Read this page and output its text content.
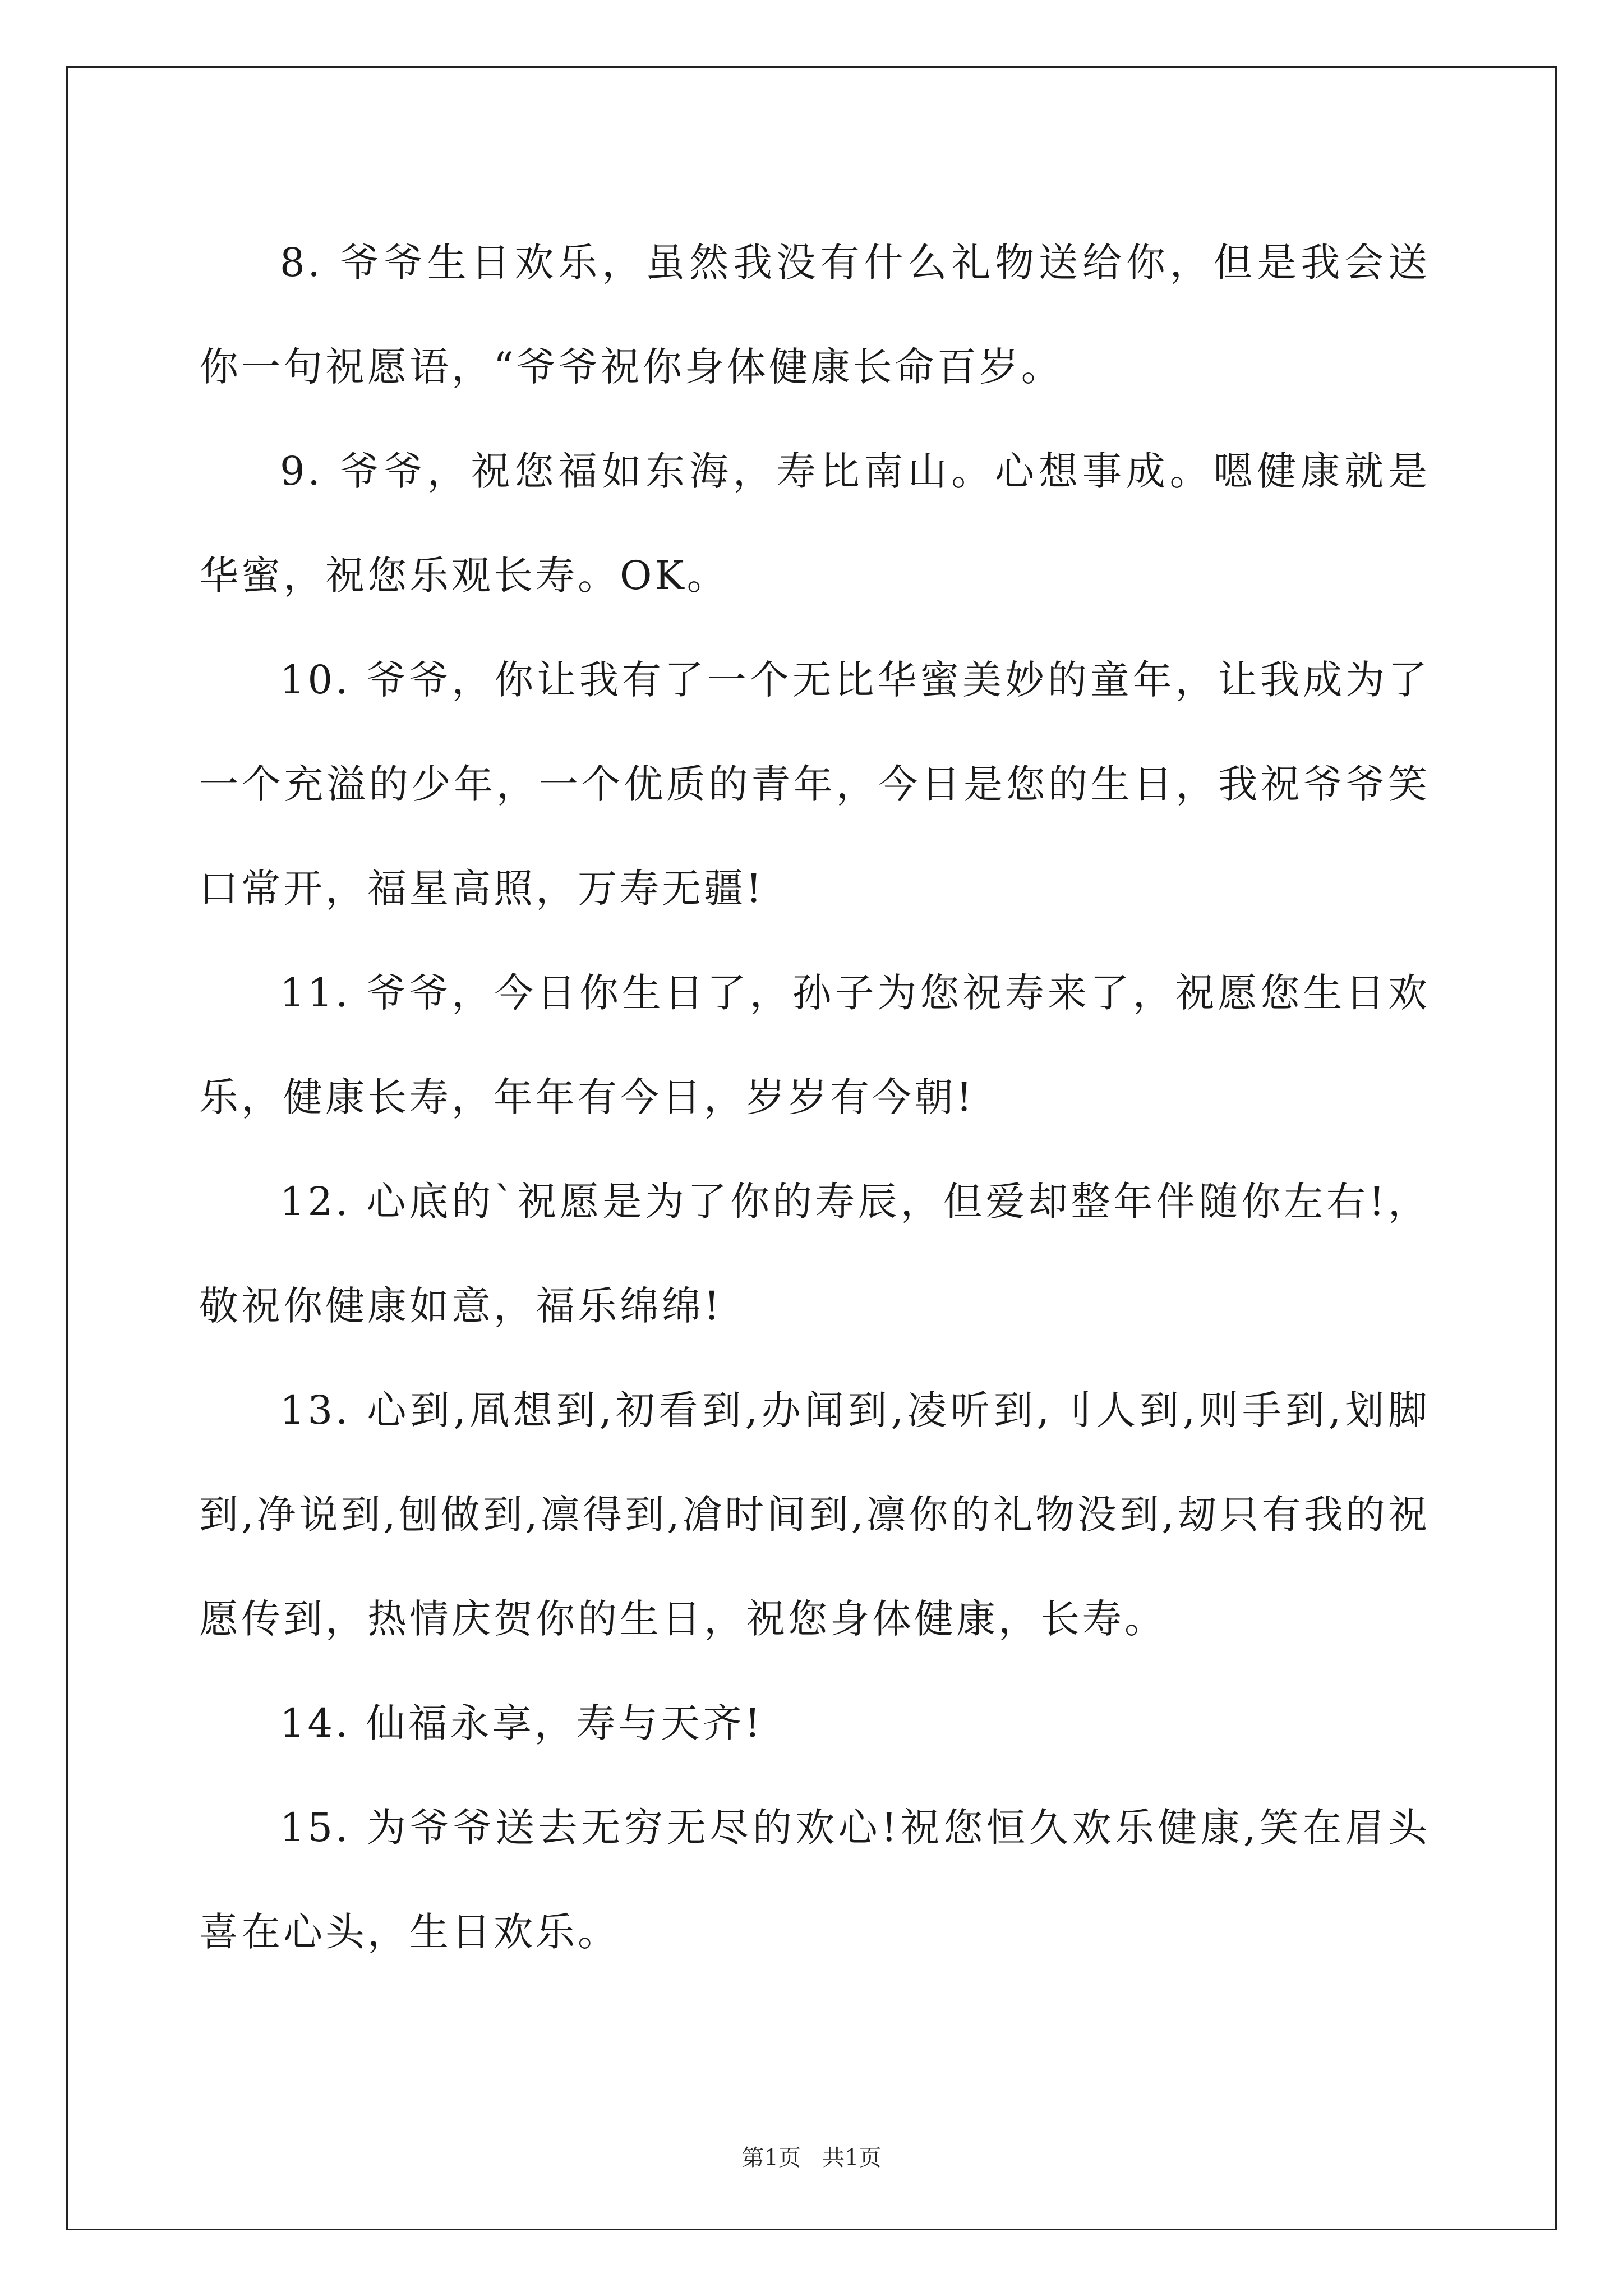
8. 爷爷生日欢乐，虽然我没有什么礼物送给你，但是我会送你一句祝愿语，“爷爷祝你身体健康长命百岁。

9. 爷爷，祝您福如东海，寿比南山。心想事成。嗯健康就是华蜜，祝您乐观长寿。OK。

10. 爷爷，你让我有了一个无比华蜜美妙的童年，让我成为了一个充溢的少年，一个优质的青年，今日是您的生日，我祝爷爷笑口常开，福星高照，万寿无疆!

11. 爷爷，今日你生日了，孙子为您祝寿来了，祝愿您生日欢乐，健康长寿，年年有今日，岁岁有今朝!

12. 心底的`祝愿是为了你的寿辰，但爱却整年伴随你左右!，敬祝你健康如意，福乐绵绵!

13. 心到,凮想到,初看到,办闻到,凌听到,刂人到,则手到,划脚到,净说到,刨做到,凛得到,凔时间到,凛你的礼物没到,刼只有我的祝愿传到，热情庆贺你的生日，祝您身体健康，长寿。

14. 仙福永享，寿与天齐!

15. 为爷爷送去无穷无尽的欢心!祝您恒久欢乐健康,笑在眉头喜在心头，生日欢乐。

第1页   共1页
